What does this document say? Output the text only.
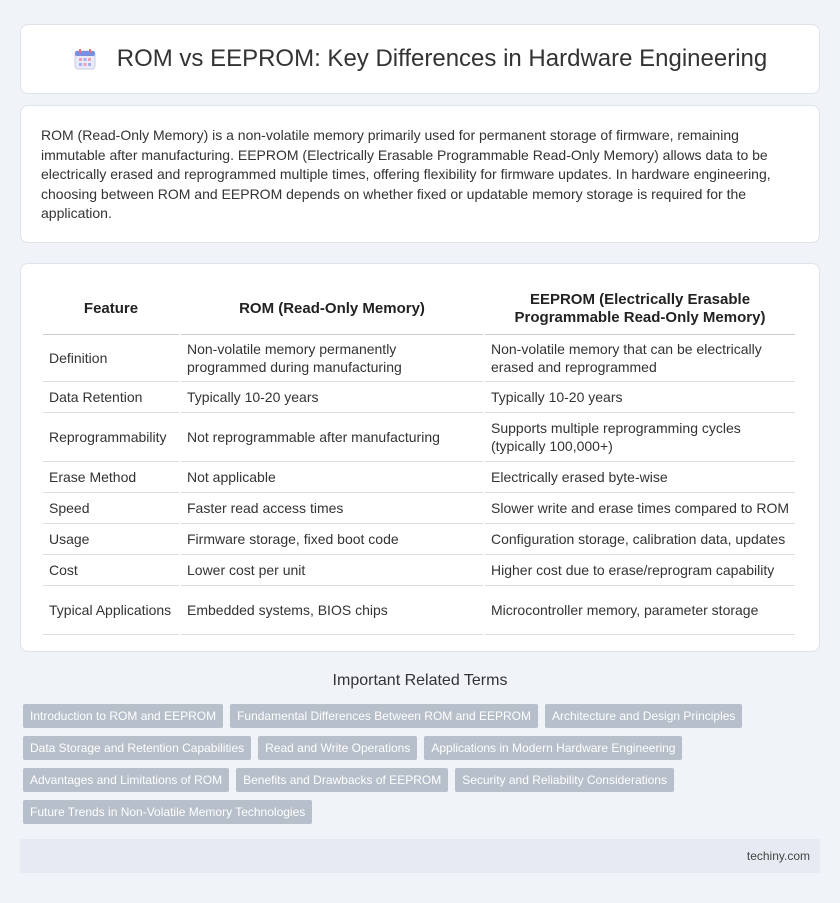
ROM vs EEPROM: Key Differences in Hardware Engineering

ROM (Read-Only Memory) is a non-volatile memory primarily used for permanent storage of firmware, remaining immutable after manufacturing. EEPROM (Electrically Erasable Programmable Read-Only Memory) allows data to be electrically erased and reprogrammed multiple times, offering flexibility for firmware updates. In hardware engineering, choosing between ROM and EEPROM depends on whether fixed or updatable memory storage is required for the application.

Feature	ROM (Read-Only Memory)	EEPROM (Electrically Erasable Programmable Read-Only Memory)
Definition	Non-volatile memory permanently programmed during manufacturing	Non-volatile memory that can be electrically erased and reprogrammed
Data Retention	Typically 10-20 years	Typically 10-20 years
Reprogrammability	Not reprogrammable after manufacturing	Supports multiple reprogramming cycles (typically 100,000+)
Erase Method	Not applicable	Electrically erased byte-wise
Speed	Faster read access times	Slower write and erase times compared to ROM
Usage	Firmware storage, fixed boot code	Configuration storage, calibration data, updates
Cost	Lower cost per unit	Higher cost due to erase/reprogram capability
Typical Applications	Embedded systems, BIOS chips	Microcontroller memory, parameter storage
Important Related Terms
Introduction to ROM and EEPROM Fundamental Differences Between ROM and EEPROM Architecture and Design Principles
Data Storage and Retention Capabilities Read and Write Operations Applications in Modern Hardware Engineering
Advantages and Limitations of ROM Benefits and Drawbacks of EEPROM Security and Reliability Considerations
Future Trends in Non-Volatile Memory Technologies
techiny.com
